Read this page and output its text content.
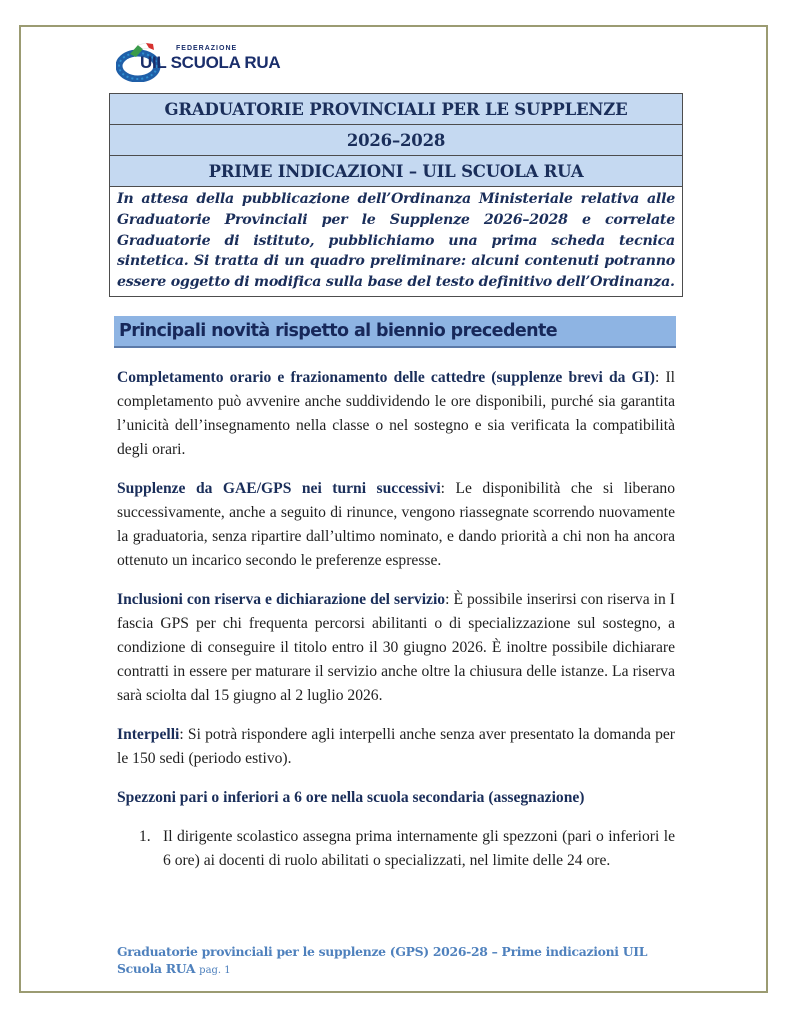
FEDERAZIONE
UIL SCUOLA RUA
GRADUATORIE PROVINCIALI PER LE SUPPLENZE
2026–2028
PRIME INDICAZIONI – UIL SCUOLA RUA
In attesa della pubblicazione dell’Ordinanza Ministeriale relativa alle Graduatorie Provinciali per le Supplenze 2026–2028 e correlate Graduatorie di istituto, pubblichiamo una prima scheda tecnica sintetica. Si tratta di un quadro preliminare: alcuni contenuti potranno essere oggetto di modifica sulla base del testo definitivo dell’Ordinanza.
Principali novità rispetto al biennio precedente

Completamento orario e frazionamento delle cattedre (supplenze brevi da GI): Il completamento può avvenire anche suddividendo le ore disponibili, purché sia garantita l’unicità dell’insegnamento nella classe o nel sostegno e sia verificata la compatibilità degli orari.

Supplenze da GAE/GPS nei turni successivi: Le disponibilità che si liberano successivamente, anche a seguito di rinunce, vengono riassegnate scorrendo nuovamente la graduatoria, senza ripartire dall’ultimo nominato, e dando priorità a chi non ha ancora ottenuto un incarico secondo le preferenze espresse.

Inclusioni con riserva e dichiarazione del servizio: È possibile inserirsi con riserva in I fascia GPS per chi frequenta percorsi abilitanti o di specializzazione sul sostegno, a condizione di conseguire il titolo entro il 30 giugno 2026. È inoltre possibile dichiarare contratti in essere per maturare il servizio anche oltre la chiusura delle istanze. La riserva sarà sciolta dal 15 giugno al 2 luglio 2026.

Interpelli: Si potrà rispondere agli interpelli anche senza aver presentato la domanda per le 150 sedi (periodo estivo).

Spezzoni pari o inferiori a 6 ore nella scuola secondaria (assegnazione)

1. Il dirigente scolastico assegna prima internamente gli spezzoni (pari o inferiori le 6 ore) ai docenti di ruolo abilitati o specializzati, nel limite delle 24 ore.
Graduatorie provinciali per le supplenze (GPS) 2026-28 – Prime indicazioni UIL Scuola RUA pag. 1
